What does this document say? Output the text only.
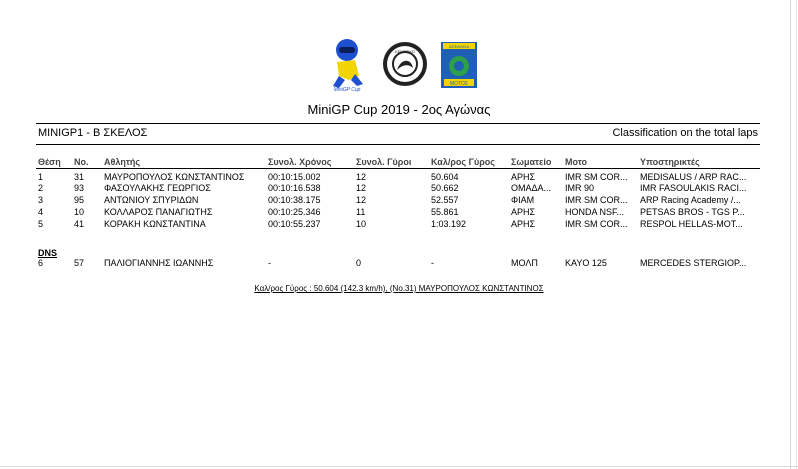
MiniGP Cup
ΚΕΝΤΡΙΚΟ
ΑΣΦΑΛΕΙΑ
ΜΟΤΟΣ
MiniGP Cup 2019 - 2ος Αγώνας
MINIGP1 - Β ΣΚΕΛΟΣ	Classification on the total laps
Θέση	No.	Αθλητής	Συνολ. Χρόνος	Συνολ. Γύροι	Καλ/ρος Γύρος	Σωματείο	Μοτο	Υποστηρικτές
1	31	ΜΑΥΡΟΠΟΥΛΟΣ ΚΩΝΣΤΑΝΤΙΝΟΣ	00:10:15.002	12	50.604	ΑΡΗΣ	IMR SM COR...	MEDISALUS / ARP RAC...
2	93	ΦΑΣΟΥΛΑΚΗΣ ΓΕΩΡΓΙΟΣ	00:10:16.538	12	50.662	ΟΜΑΔΑ...	IMR 90	IMR FASOULAKIS RACI...
3	95	ΑΝΤΩΝΙΟΥ ΣΠΥΡΙΔΩΝ	00:10:38.175	12	52.557	ΦΙΑΜ	IMR SM COR...	ARP Racing Academy /...
4	10	ΚΟΛΛΑΡΟΣ ΠΑΝΑΓΙΩΤΗΣ	00:10:25.346	11	55.861	ΑΡΗΣ	HONDA NSF...	PETSAS BROS - TGS P...
5	41	ΚΟΡΑΚΗ ΚΩΝΣΤΑΝΤΙΝΑ	00:10:55.237	10	1:03.192	ΑΡΗΣ	IMR SM COR...	RESPOL HELLAS-MOT...
DNS
6	57	ΠΑΛΙΟΓΙΑΝΝΗΣ ΙΩΑΝΝΗΣ	-	0	-	ΜΟΛΠ	KAYO 125	MERCEDES STERGIOP...
Καλ/ρος Γύρος : 50.604 (142.3 km/h), (No.31) ΜΑΥΡΟΠΟΥΛΟΣ ΚΩΝΣΤΑΝΤΙΝΟΣ
